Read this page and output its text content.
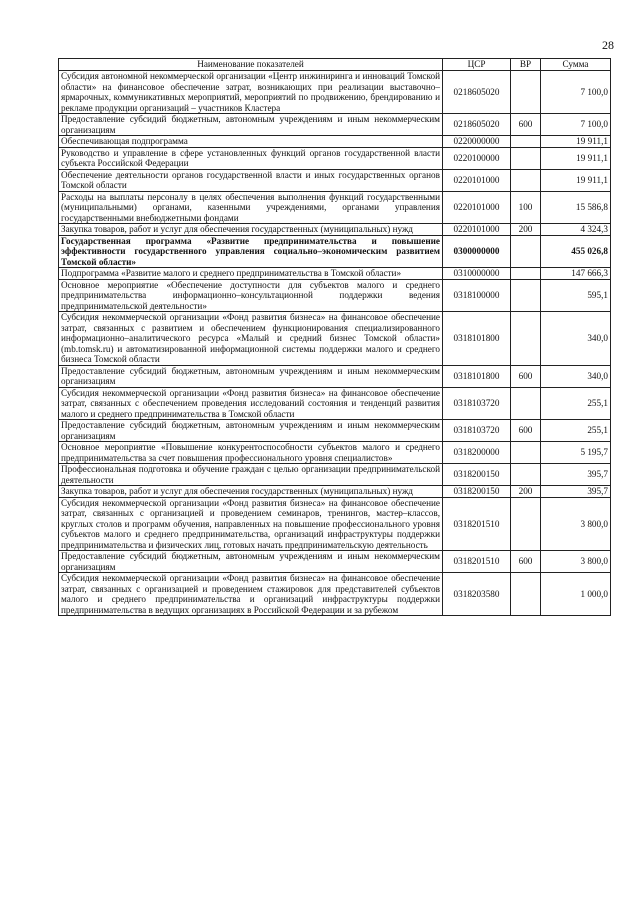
28
Наименование показателей	ЦСР	ВР	Сумма
Субсидия автономной некоммерческой организации «Центр инжиниринга и инноваций Томской области» на финансовое обеспечение затрат, возникающих при реализации выставочно–ярмарочных, коммуникативных мероприятий, мероприятий по продвижению, брендированию и рекламе продукции организаций – участников Кластера	0218605020		7 100,0
Предоставление субсидий бюджетным, автономным учреждениям и иным некоммерческим организациям	0218605020	600	7 100,0
Обеспечивающая подпрограмма	0220000000		19 911,1
Руководство и управление в сфере установленных функций органов государственной власти субъекта Российской Федерации	0220100000		19 911,1
Обеспечение деятельности органов государственной власти и иных государственных органов Томской области	0220101000		19 911,1
Расходы на выплаты персоналу в целях обеспечения выполнения функций государственными (муниципальными) органами, казенными учреждениями, органами управления государственными внебюджетными фондами	0220101000	100	15 586,8
Закупка товаров, работ и услуг для обеспечения государственных (муниципальных) нужд	0220101000	200	4 324,3
Государственная программа «Развитие предпринимательства и повышение эффективности государственного управления социально–экономическим развитием Томской области»	0300000000		455 026,8
Подпрограмма «Развитие малого и среднего предпринимательства в Томской области»	0310000000		147 666,3
Основное мероприятие «Обеспечение доступности для субъектов малого и среднего предпринимательства информационно–консультационной поддержки ведения предпринимательской деятельности»	0318100000		595,1
Субсидия некоммерческой организации «Фонд развития бизнеса» на финансовое обеспечение затрат, связанных с развитием и обеспечением функционирования специализированного информационно–аналитического ресурса «Малый и средний бизнес Томской области» (mb.tomsk.ru) и автоматизированной информационной системы поддержки малого и среднего бизнеса Томской области	0318101800		340,0
Предоставление субсидий бюджетным, автономным учреждениям и иным некоммерческим организациям	0318101800	600	340,0
Субсидия некоммерческой организации «Фонд развития бизнеса» на финансовое обеспечение затрат, связанных с обеспечением проведения исследований состояния и тенденций развития малого и среднего предпринимательства в Томской области	0318103720		255,1
Предоставление субсидий бюджетным, автономным учреждениям и иным некоммерческим организациям	0318103720	600	255,1
Основное мероприятие «Повышение конкурентоспособности субъектов малого и среднего предпринимательства за счет повышения профессионального уровня специалистов»	0318200000		5 195,7
Профессиональная подготовка и обучение граждан с целью организации предпринимательской деятельности	0318200150		395,7
Закупка товаров, работ и услуг для обеспечения государственных (муниципальных) нужд	0318200150	200	395,7
Субсидия некоммерческой организации «Фонд развития бизнеса» на финансовое обеспечение затрат, связанных с организацией и проведением семинаров, тренингов, мастер–классов, круглых столов и программ обучения, направленных на повышение профессионального уровня субъектов малого и среднего предпринимательства, организаций инфраструктуры поддержки предпринимательства и физических лиц, готовых начать предпринимательскую деятельность	0318201510		3 800,0
Предоставление субсидий бюджетным, автономным учреждениям и иным некоммерческим организациям	0318201510	600	3 800,0
Субсидия некоммерческой организации «Фонд развития бизнеса» на финансовое обеспечение затрат, связанных с организацией и проведением стажировок для представителей субъектов малого и среднего предпринимательства и организаций инфраструктуры поддержки предпринимательства в ведущих организациях в Российской Федерации и за рубежом	0318203580		1 000,0
